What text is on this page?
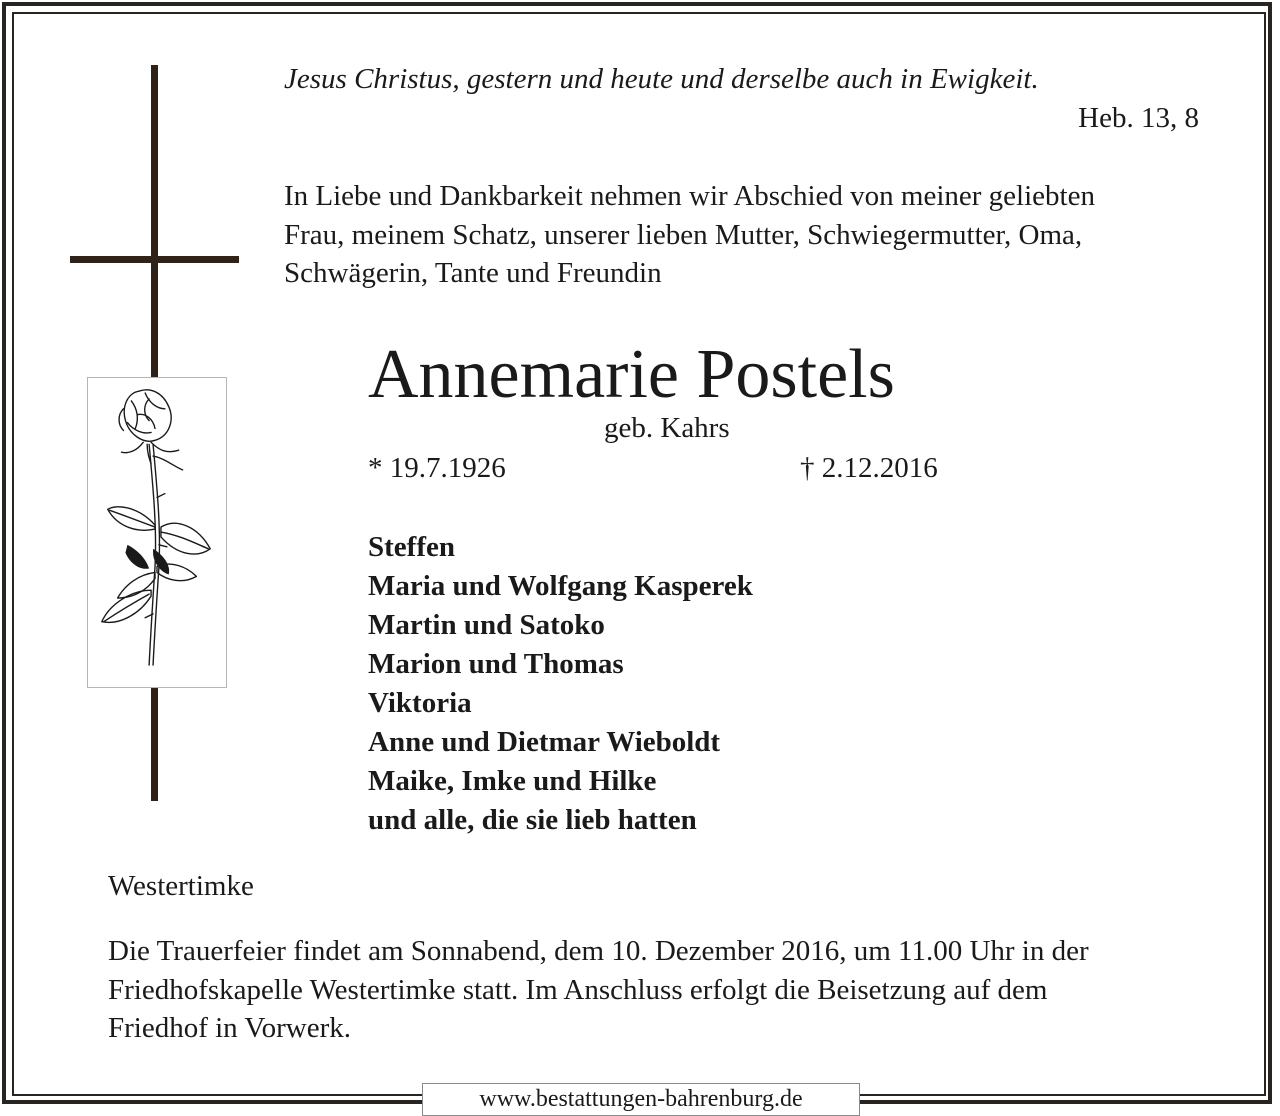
Jesus Christus, gestern und heute und derselbe auch in Ewigkeit.
Heb. 13, 8
In Liebe und Dankbarkeit nehmen wir Abschied von meiner geliebten
Frau, meinem Schatz, unserer lieben Mutter, Schwiegermutter, Oma,
Schwägerin, Tante und Freundin
Annemarie Postels
geb. Kahrs
* 19.7.1926	† 2.12.2016
Steffen
Maria und Wolfgang Kasperek
Martin und Satoko
Marion und Thomas
Viktoria
Anne und Dietmar Wieboldt
Maike, Imke und Hilke
und alle, die sie lieb hatten
Westertimke
Die Trauerfeier findet am Sonnabend, dem 10. Dezember 2016, um 11.00 Uhr in der
Friedhofskapelle Westertimke statt. Im Anschluss erfolgt die Beisetzung auf dem
Friedhof in Vorwerk.
www.bestattungen-bahrenburg.de
